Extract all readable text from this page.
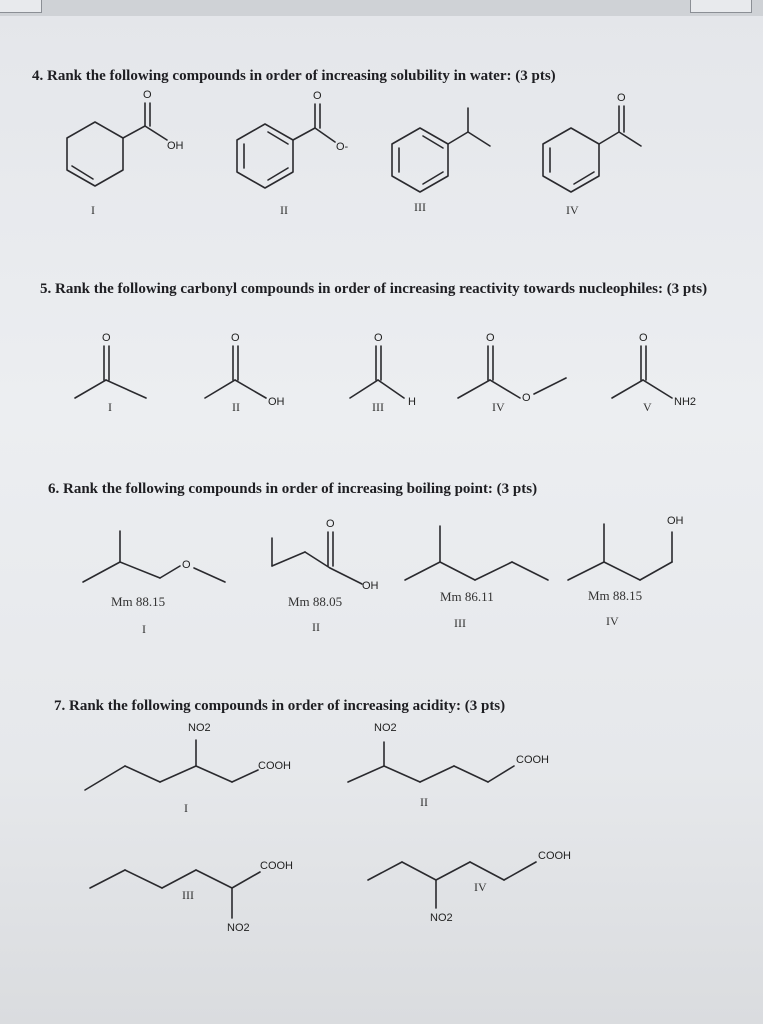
4. Rank the following compounds in order of increasing solubility in water: (3 pts)
5. Rank the following carbonyl compounds in order of increasing reactivity towards nucleophiles: (3 pts)
6. Rank the following compounds in order of increasing boiling point: (3 pts)
7. Rank the following compounds in order of increasing acidity: (3 pts)
O
OH
O
O-
O
I	II	III	IV
O	O
OH
O
H
O
O
O
NH2
I	II	III	IV	V
O
O
OH
OH
Mm 88.15	Mm 88.05	Mm 86.11	Mm 88.15
I	II	III	IV
NO2
COOH
NO2
COOH
COOH
NO2
COOH
NO2
I	II
III
IV
